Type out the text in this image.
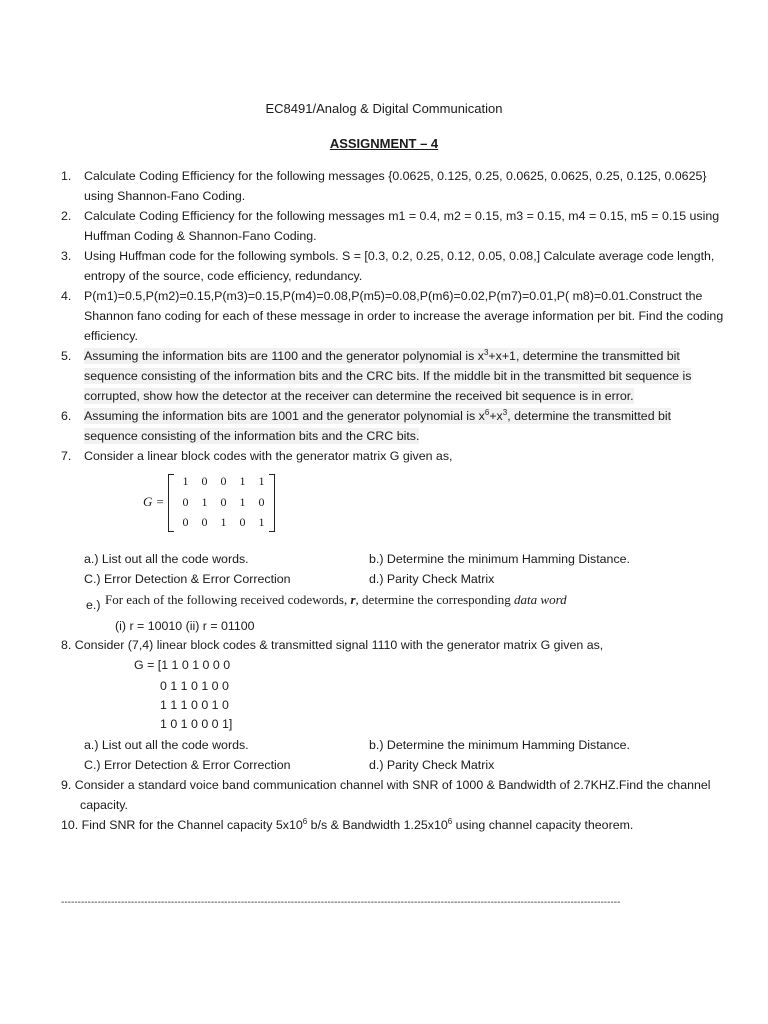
EC8491/Analog & Digital Communication
ASSIGNMENT – 4
1. Calculate Coding Efficiency for the following messages {0.0625, 0.125, 0.25, 0.0625, 0.0625, 0.25, 0.125, 0.0625}
using Shannon-Fano Coding.
2. Calculate Coding Efficiency for the following messages m1 = 0.4, m2 = 0.15, m3 = 0.15, m4 = 0.15, m5 = 0.15 using
Huffman Coding & Shannon-Fano Coding.
3. Using Huffman code for the following symbols. S = [0.3, 0.2, 0.25, 0.12, 0.05, 0.08,] Calculate average code length,
entropy of the source, code efficiency, redundancy.
4. P(m1)=0.5,P(m2)=0.15,P(m3)=0.15,P(m4)=0.08,P(m5)=0.08,P(m6)=0.02,P(m7)=0.01,P( m8)=0.01.Construct the
Shannon fano coding for each of these message in order to increase the average information per bit. Find the coding
efficiency.
5. Assuming the information bits are 1100 and the generator polynomial is $x^3+x+1$, determine the transmitted bit
sequence consisting of the information bits and the CRC bits. If the middle bit in the transmitted bit sequence is
corrupted, show how the detector at the receiver can determine the received bit sequence is in error.
6. Assuming the information bits are 1001 and the generator polynomial is $x^6+x^3$, determine the transmitted bit
sequence consisting of the information bits and the CRC bits.
7. Consider a linear block codes with the generator matrix G given as,
G =
1	0	0	1	1
0	1	0	1	0
0	0	1	0	1
a.) List out all the code words.	b.) Determine the minimum Hamming Distance.
C.) Error Detection & Error Correction	d.) Parity Check Matrix
e.) For each of the following received codewords, r, determine the corresponding data word
(i) r = 10010 (ii) r = 01100
8. Consider (7,4) linear block codes & transmitted signal 1110 with the generator matrix G given as,
G = [1 1 0 1 0 0 0
0 1 1 0 1 0 0
1 1 1 0 0 1 0
1 0 1 0 0 0 1]
a.) List out all the code words.	b.) Determine the minimum Hamming Distance.
C.) Error Detection & Error Correction	d.) Parity Check Matrix
9. Consider a standard voice band communication channel with SNR of 1000 & Bandwidth of 2.7KHZ.Find the channel
capacity.
10. Find SNR for the Channel capacity $5x10^6$ b/s & Bandwidth $1.25x10^6$ using channel capacity theorem.
------------------------------------------------------------------------------------------------------------------------------------------------------------------------
